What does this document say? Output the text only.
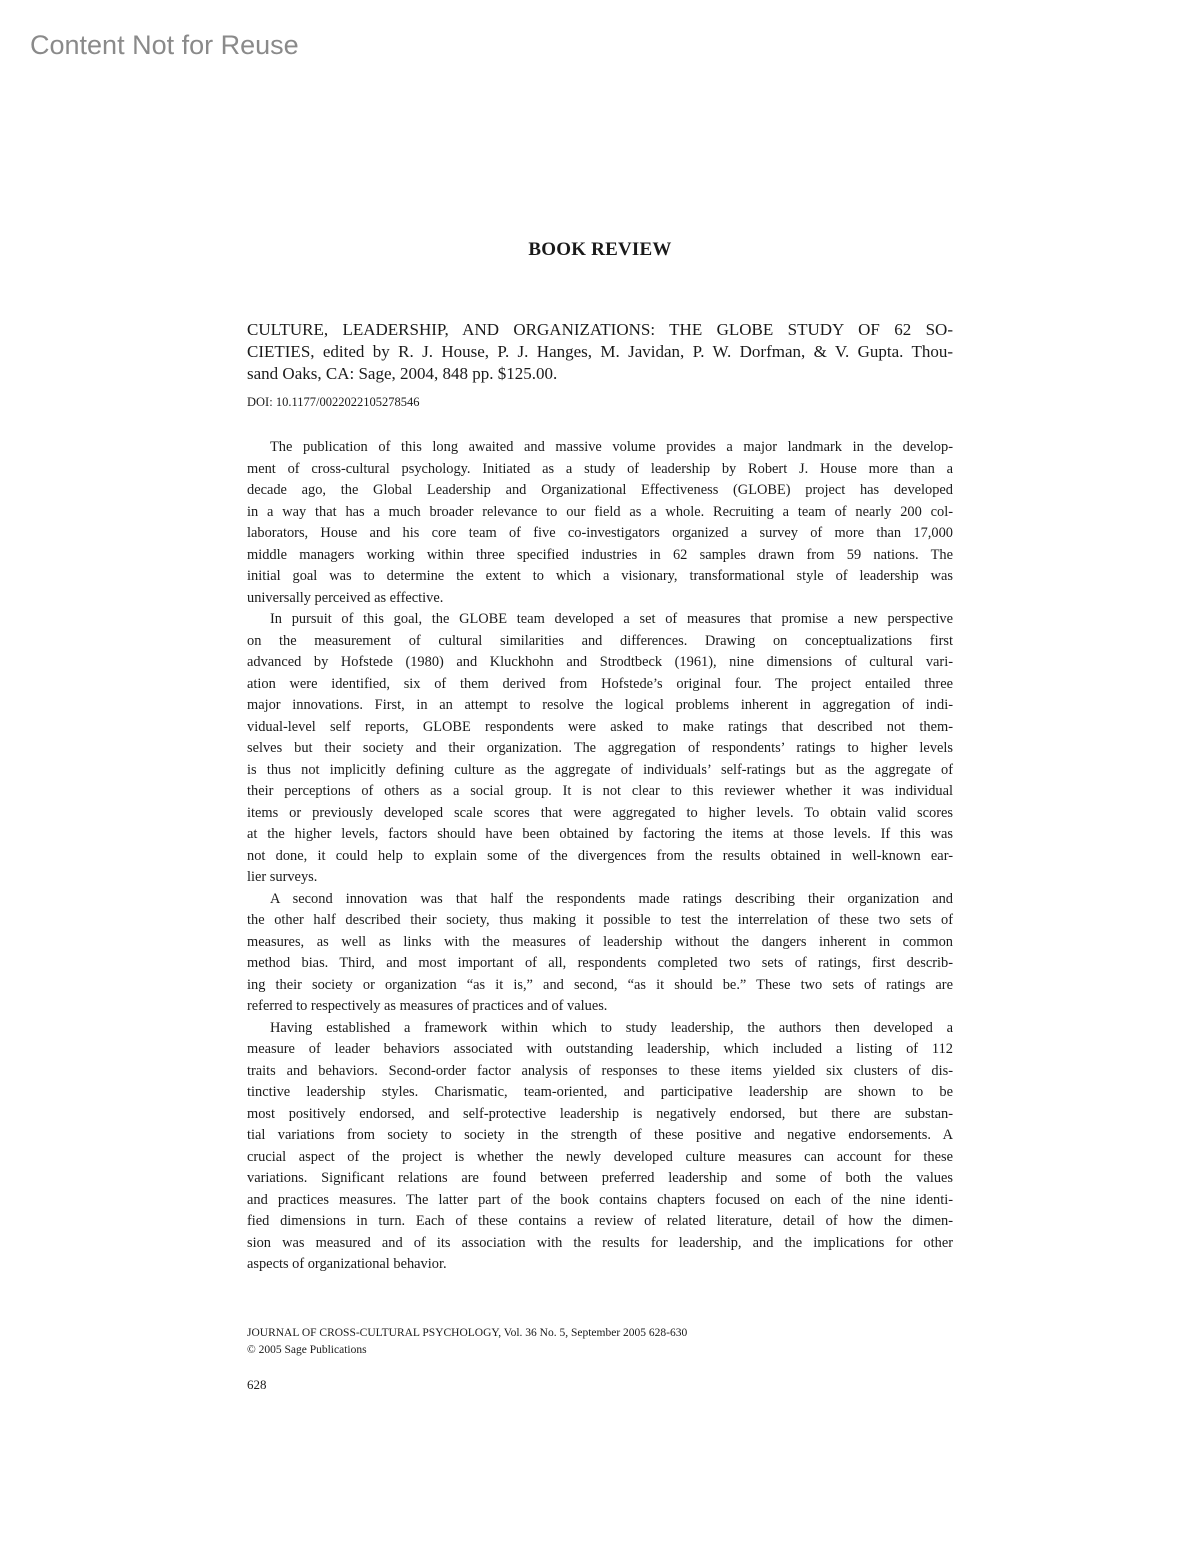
Content Not for Reuse
BOOK REVIEW
CULTURE, LEADERSHIP, AND ORGANIZATIONS: THE GLOBE STUDY OF 62 SO-
CIETIES, edited by R. J. House, P. J. Hanges, M. Javidan, P. W. Dorfman, & V. Gupta. Thou-
sand Oaks, CA: Sage, 2004, 848 pp. $125.00.
DOI: 10.1177/0022022105278546
The publication of this long awaited and massive volume provides a major landmark in the develop-
ment of cross-cultural psychology. Initiated as a study of leadership by Robert J. House more than a
decade ago, the Global Leadership and Organizational Effectiveness (GLOBE) project has developed
in a way that has a much broader relevance to our field as a whole. Recruiting a team of nearly 200 col-
laborators, House and his core team of five co-investigators organized a survey of more than 17,000
middle managers working within three specified industries in 62 samples drawn from 59 nations. The
initial goal was to determine the extent to which a visionary, transformational style of leadership was
universally perceived as effective.
In pursuit of this goal, the GLOBE team developed a set of measures that promise a new perspective
on the measurement of cultural similarities and differences. Drawing on conceptualizations first
advanced by Hofstede (1980) and Kluckhohn and Strodtbeck (1961), nine dimensions of cultural vari-
ation were identified, six of them derived from Hofstede’s original four. The project entailed three
major innovations. First, in an attempt to resolve the logical problems inherent in aggregation of indi-
vidual-level self reports, GLOBE respondents were asked to make ratings that described not them-
selves but their society and their organization. The aggregation of respondents’ ratings to higher levels
is thus not implicitly defining culture as the aggregate of individuals’ self-ratings but as the aggregate of
their perceptions of others as a social group. It is not clear to this reviewer whether it was individual
items or previously developed scale scores that were aggregated to higher levels. To obtain valid scores
at the higher levels, factors should have been obtained by factoring the items at those levels. If this was
not done, it could help to explain some of the divergences from the results obtained in well-known ear-
lier surveys.
A second innovation was that half the respondents made ratings describing their organization and
the other half described their society, thus making it possible to test the interrelation of these two sets of
measures, as well as links with the measures of leadership without the dangers inherent in common
method bias. Third, and most important of all, respondents completed two sets of ratings, first describ-
ing their society or organization “as it is,” and second, “as it should be.” These two sets of ratings are
referred to respectively as measures of practices and of values.
Having established a framework within which to study leadership, the authors then developed a
measure of leader behaviors associated with outstanding leadership, which included a listing of 112
traits and behaviors. Second-order factor analysis of responses to these items yielded six clusters of dis-
tinctive leadership styles. Charismatic, team-oriented, and participative leadership are shown to be
most positively endorsed, and self-protective leadership is negatively endorsed, but there are substan-
tial variations from society to society in the strength of these positive and negative endorsements. A
crucial aspect of the project is whether the newly developed culture measures can account for these
variations. Significant relations are found between preferred leadership and some of both the values
and practices measures. The latter part of the book contains chapters focused on each of the nine identi-
fied dimensions in turn. Each of these contains a review of related literature, detail of how the dimen-
sion was measured and of its association with the results for leadership, and the implications for other
aspects of organizational behavior.
JOURNAL OF CROSS-CULTURAL PSYCHOLOGY, Vol. 36 No. 5, September 2005 628-630
© 2005 Sage Publications
628
